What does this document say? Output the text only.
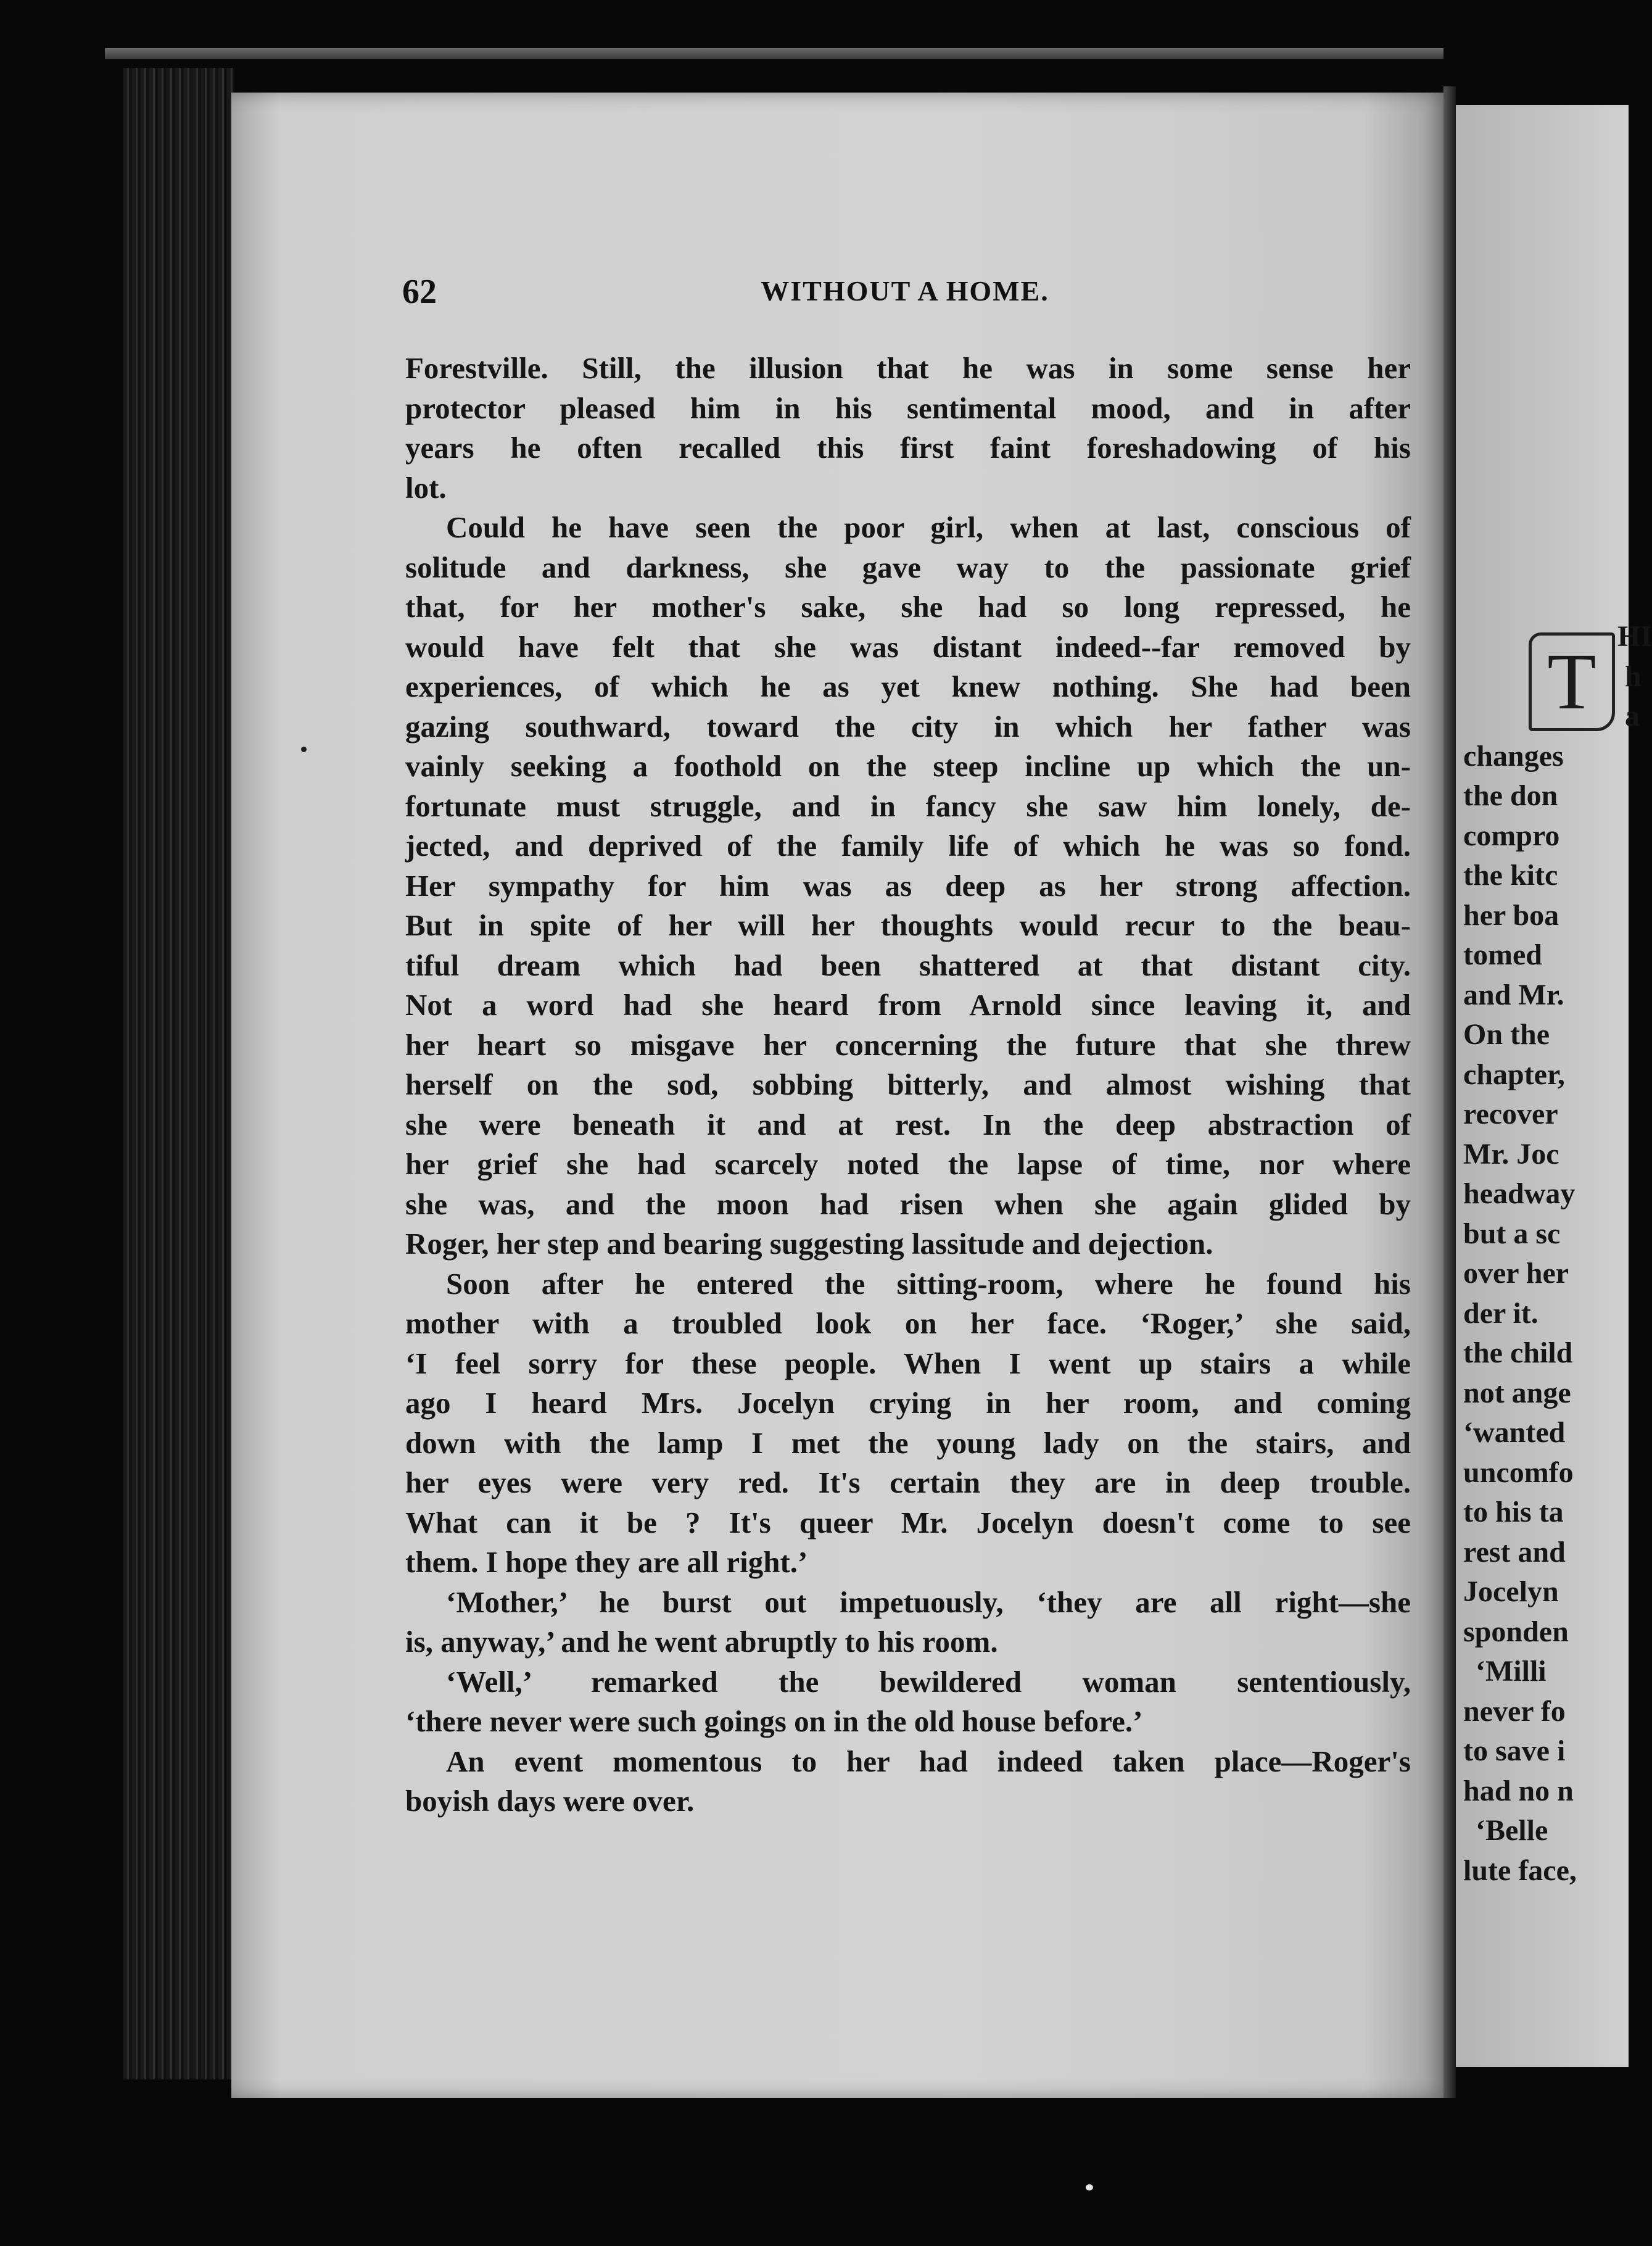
62	WITHOUT A HOME.
Forestville. Still, the illusion that he was in some sense her
protector pleased him in his sentimental mood, and in after
years he often recalled this first faint foreshadowing of his
lot.
Could he have seen the poor girl, when at last, conscious of
solitude and darkness, she gave way to the passionate grief
that, for her mother's sake, she had so long repressed, he
would have felt that she was distant indeed--far removed by
experiences, of which he as yet knew nothing. She had been
gazing southward, toward the city in which her father was
vainly seeking a foothold on the steep incline up which the un-
fortunate must struggle, and in fancy she saw him lonely, de-
jected, and deprived of the family life of which he was so fond.
Her sympathy for him was as deep as her strong affection.
But in spite of her will her thoughts would recur to the beau-
tiful dream which had been shattered at that distant city.
Not a word had she heard from Arnold since leaving it, and
her heart so misgave her concerning the future that she threw
herself on the sod, sobbing bitterly, and almost wishing that
she were beneath it and at rest. In the deep abstraction of
her grief she had scarcely noted the lapse of time, nor where
she was, and the moon had risen when she again glided by
Roger, her step and bearing suggesting lassitude and dejection.
Soon after he entered the sitting-room, where he found his
mother with a troubled look on her face. ‘Roger,’ she said,
‘I feel sorry for these people. When I went up stairs a while
ago I heard Mrs. Jocelyn crying in her room, and coming
down with the lamp I met the young lady on the stairs, and
her eyes were very red. It's certain they are in deep trouble.
What can it be ? It's queer Mr. Jocelyn doesn't come to see
them. I hope they are all right.’
‘Mother,’ he burst out impetuously, ‘they are all right—she
is, anyway,’ and he went abruptly to his room.
‘Well,’ remarked the bewildered woman sententiously,
‘there never were such goings on in the old house before.’
An event momentous to her had indeed taken place—Roger's
boyish days were over.
T
HI
h
a
changes
the don
compro
the kitc
her boa
tomed
and Mr.
On the
chapter,
recover
Mr. Joc
headway
but a sc
over her
der it.
the child
not ange
‘wanted
uncomfo
to his ta
rest and
Jocelyn
sponden
‘Milli
never fo
to save i
had no n
‘Belle
lute face,
